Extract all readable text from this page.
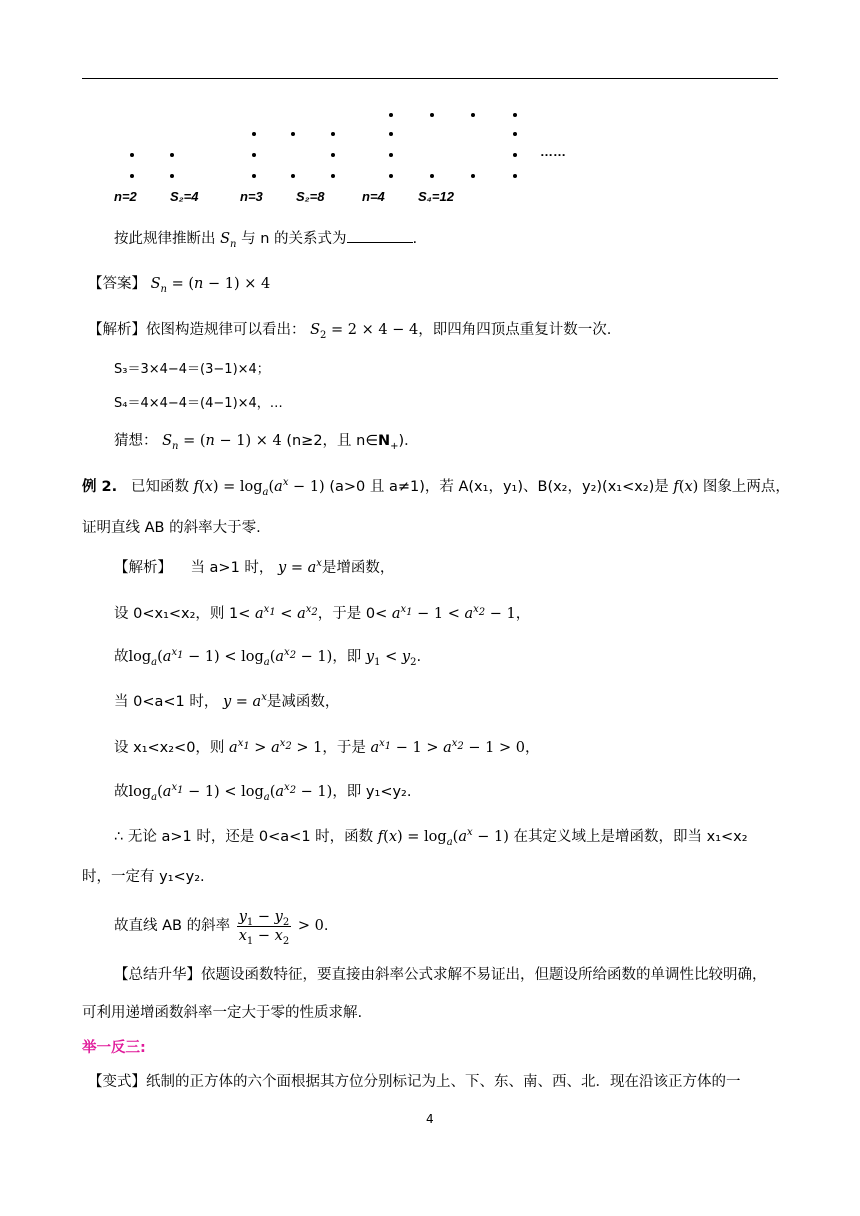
……
n=2	S₂=4	n=3	S₂=8	n=4	S₄=12
按此规律推断出 $S_n$ 与 n 的关系式为	.
【答案】 $S_n = (n - 1) \times 4$
【解析】依图构造规律可以看出： $S_2 = 2 \times 4 - 4$，即四角四顶点重复计数一次.
S₃＝3×4−4＝(3−1)×4；
S₄＝4×4−4＝(4−1)×4，…
猜想： $S_n = (n - 1) \times 4$ (n≥2，且 $n\in N_+$)．
例 2. 已知函数 $f(x) = \log_a(a^x - 1)$ (a>0 且 a≠1)，若 A(x₁，y₁)、B(x₂，y₂)(x₁<x₂)是 f(x) 图象上两点，
证明直线 AB 的斜率大于零.
【解析】 当 a>1 时， $y = a^x$是增函数，
设 0<x₁<x₂，则 $1< a^{x_1} < a^{x_2}$，于是 $0< a^{x_1} - 1 < a^{x_2} - 1$，
故$\log_a(a^{x_1} - 1) < \log_a(a^{x_2} - 1)$，即 $y_1 < y_2$.
当 0<a<1 时， $y = a^x$是减函数，
设 x₁<x₂<0，则 $a^{x_1} > a^{x_2} > 1$，于是 $a^{x_1} - 1 > a^{x_2} - 1 > 0$，
故$\log_a(a^{x_1} - 1) < \log_a(a^{x_2} - 1)$，即 y₁<y₂.
∴ 无论 a>1 时，还是 0<a<1 时，函数 $f(x) = \log_a(a^x - 1)$ 在其定义域上是增函数，即当 x₁<x₂
时，一定有 y₁<y₂.
故直线 AB 的斜率 $\frac{y_1 - y_2}{x_1 - x_2} > 0$.
【总结升华】依题设函数特征，要直接由斜率公式求解不易证出，但题设所给函数的单调性比较明确，
可利用递增函数斜率一定大于零的性质求解.
举一反三:
【变式】纸制的正方体的六个面根据其方位分别标记为上、下、东、南、西、北．现在沿该正方体的一
4
